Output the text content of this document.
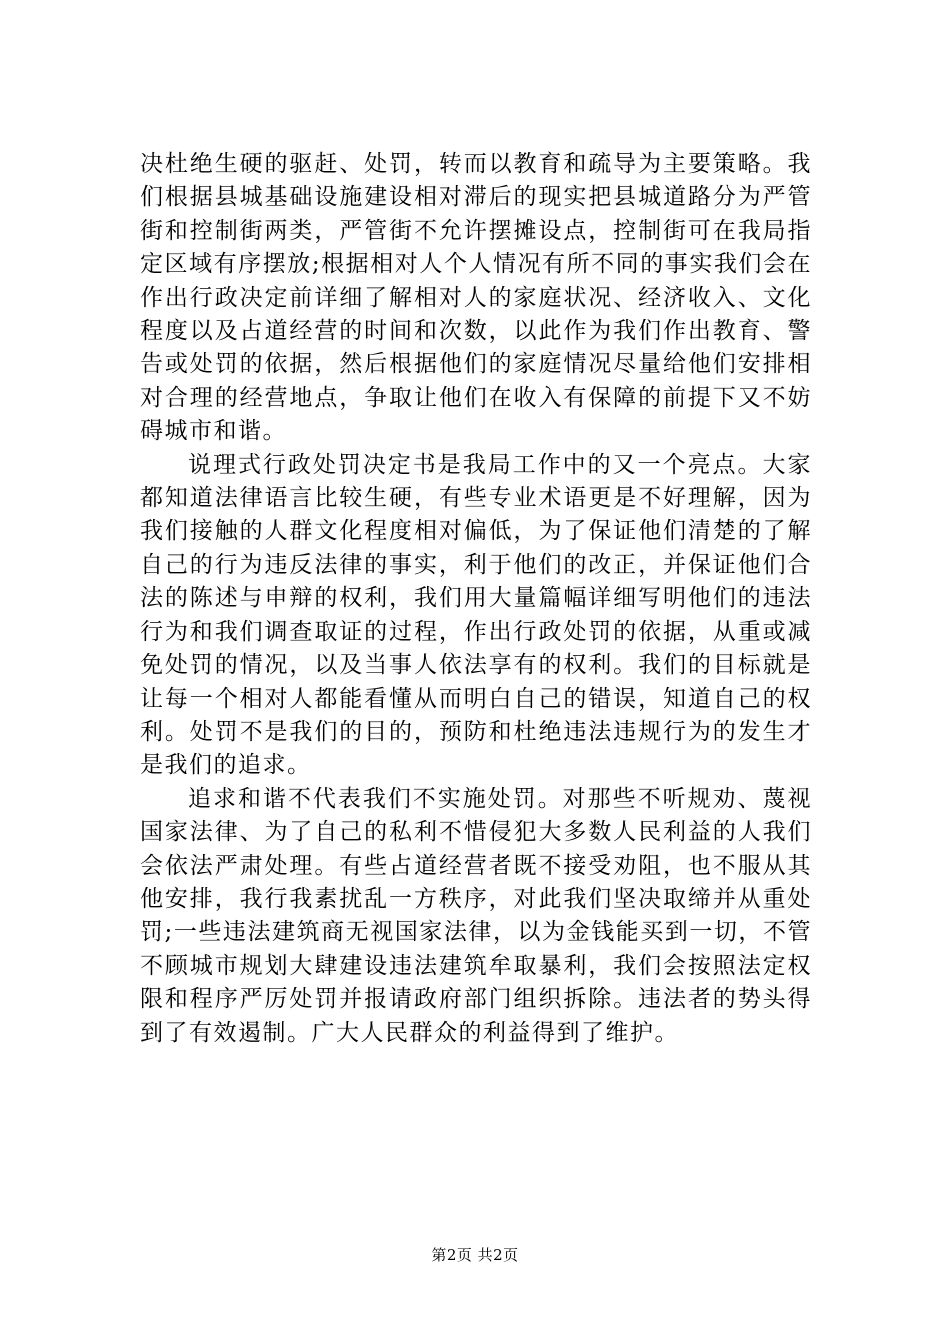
决杜绝生硬的驱赶、处罚，转而以教育和疏导为主要策略。我们根据县城基础设施建设相对滞后的现实把县城道路分为严管街和控制街两类，严管街不允许摆摊设点，控制街可在我局指定区域有序摆放;根据相对人个人情况有所不同的事实我们会在作出行政决定前详细了解相对人的家庭状况、经济收入、文化程度以及占道经营的时间和次数，以此作为我们作出教育、警告或处罚的依据，然后根据他们的家庭情况尽量给他们安排相对合理的经营地点，争取让他们在收入有保障的前提下又不妨碍城市和谐。

说理式行政处罚决定书是我局工作中的又一个亮点。大家都知道法律语言比较生硬，有些专业术语更是不好理解，因为我们接触的人群文化程度相对偏低，为了保证他们清楚的了解自己的行为违反法律的事实，利于他们的改正，并保证他们合法的陈述与申辩的权利，我们用大量篇幅详细写明他们的违法行为和我们调查取证的过程，作出行政处罚的依据，从重或减免处罚的情况，以及当事人依法享有的权利。我们的目标就是让每一个相对人都能看懂从而明白自己的错误，知道自己的权利。处罚不是我们的目的，预防和杜绝违法违规行为的发生才是我们的追求。

追求和谐不代表我们不实施处罚。对那些不听规劝、蔑视国家法律、为了自己的私利不惜侵犯大多数人民利益的人我们会依法严肃处理。有些占道经营者既不接受劝阻，也不服从其他安排，我行我素扰乱一方秩序，对此我们坚决取缔并从重处罚;一些违法建筑商无视国家法律，以为金钱能买到一切，不管不顾城市规划大肆建设违法建筑牟取暴利，我们会按照法定权限和程序严厉处罚并报请政府部门组织拆除。违法者的势头得到了有效遏制。广大人民群众的利益得到了维护。

第2页 共2页
